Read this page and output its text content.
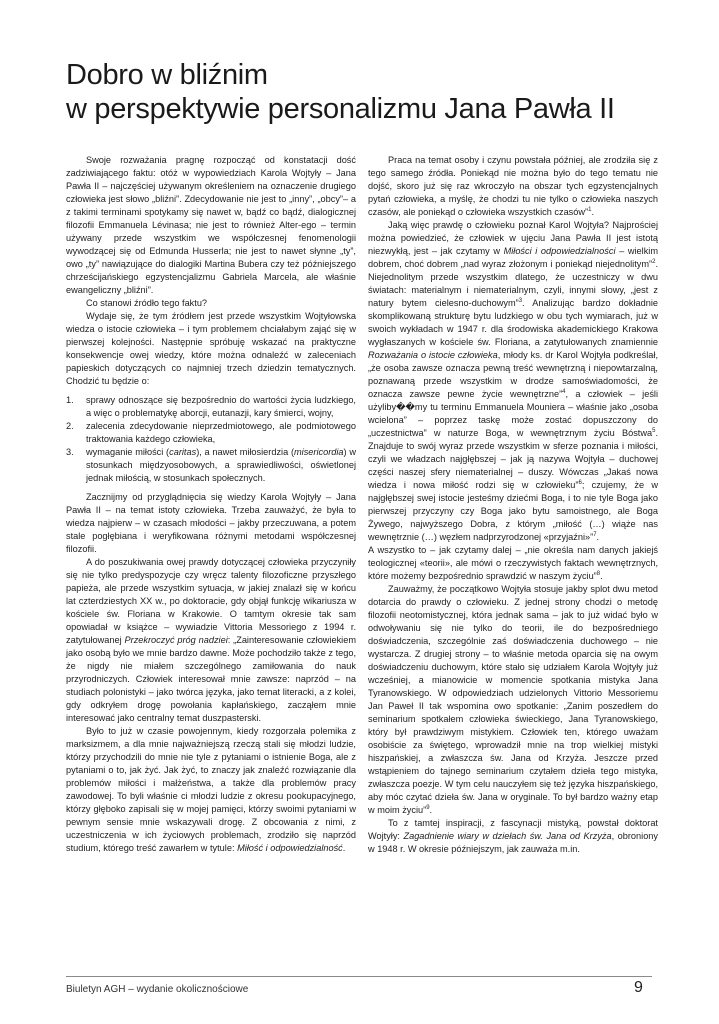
Dobro w bliźnim
w perspektywie personalizmu Jana Pawła II

Swoje rozważania pragnę rozpocząć od konstatacji dość zadziwiającego faktu: otóż w wypowiedziach Karola Wojtyły – Jana Pawła II – najczęściej używanym określeniem na oznaczenie drugiego człowieka jest słowo „bliźni”. Zdecydowanie nie jest to „inny”, „obcy”– a z takimi terminami spotykamy się nawet w, bądź co bądź, dialogicznej filozofii Emmanuela Lévinasa; nie jest to również Alter-ego – termin używany przede wszystkim we współczesnej fenomenologii wywodzącej się od Edmunda Husserla; nie jest to nawet słynne „ty”, owo „ty” nawiązujące do dialogiki Martina Bubera czy też późniejszego chrześcijańskiego egzystencjalizmu Gabriela Marcela, ale właśnie ewangeliczny „bliźni”.

Co stanowi źródło tego faktu?

Wydaje się, że tym źródłem jest przede wszystkim Wojtyłowska wiedza o istocie człowieka – i tym problemem chciałabym zająć się w pierwszej kolejności. Następnie spróbuję wskazać na praktyczne konsekwencje owej wiedzy, które można odnaleźć w zaleceniach papieskich dotyczących co najmniej trzech dziedzin tematycznych. Chodzić tu będzie o:

1. sprawy odnoszące się bezpośrednio do wartości życia ludzkiego, a więc o problematykę aborcji, eutanazji, kary śmierci, wojny,
2. zalecenia zdecydowanie nieprzedmiotowego, ale podmiotowego traktowania każdego człowieka,
3. wymaganie miłości (caritas), a nawet miłosierdzia (misericordia) w stosunkach międzyosobowych, a sprawiedliwości, oświetlonej jednak miłością, w stosunkach społecznych.

Zacznijmy od przyglądnięcia się wiedzy Karola Wojtyły – Jana Pawła II – na temat istoty człowieka. Trzeba zauważyć, że była to wiedza najpierw – w czasach młodości – jakby przeczuwana, a potem stale pogłębiana i weryfikowana różnymi metodami współczesnej filozofii.

A do poszukiwania owej prawdy dotyczącej człowieka przyczyniły się nie tylko predyspozycje czy wręcz talenty filozoficzne przyszłego papieża, ale przede wszystkim sytuacja, w jakiej znalazł się w końcu lat czterdziestych XX w., po doktoracie, gdy objął funkcję wikariusza w kościele św. Floriana w Krakowie. O tamtym okresie tak sam opowiadał w książce – wywiadzie Vittoria Messoriego z 1994 r. zatytułowanej Przekroczyć próg nadziei: „Zainteresowanie człowiekiem jako osobą było we mnie bardzo dawne. Może pochodziło także z tego, że nigdy nie miałem szczególnego zamiłowania do nauk przyrodniczych. Człowiek interesował mnie zawsze: naprzód – na studiach polonistyki – jako twórca języka, jako temat literacki, a z kolei, gdy odkryłem drogę powołania kapłańskiego, zacząłem mnie interesować jako centralny temat duszpasterski.

Było to już w czasie powojennym, kiedy rozgorzała polemika z marksizmem, a dla mnie najważniejszą rzeczą stali się młodzi ludzie, którzy przychodzili do mnie nie tyle z pytaniami o istnienie Boga, ale z pytaniami o to, jak żyć. Jak żyć, to znaczy jak znaleźć rozwiązanie dla problemów miłości i małżeństwa, a także dla problemów pracy zawodowej. To byli właśnie ci młodzi ludzie z okresu pookupacyjnego, którzy głęboko zapisali się w mojej pamięci, którzy swoimi pytaniami w pewnym sensie mnie wskazywali drogę. Z obcowania z nimi, z uczestniczenia w ich życiowych problemach, zrodziło się naprzód studium, którego treść zawarłem w tytule: Miłość i odpowiedzialność.

Praca na temat osoby i czynu powstała później, ale zrodziła się z tego samego źródła. Poniekąd nie można było do tego tematu nie dojść, skoro już się raz wkroczyło na obszar tych egzystencjalnych pytań człowieka, a myślę, że chodzi tu nie tylko o człowieka naszych czasów, ale poniekąd o człowieka wszystkich czasów”$^1$.

Jaką więc prawdę o człowieku poznał Karol Wojtyła? Najprościej można powiedzieć, że człowiek w ujęciu Jana Pawła II jest istotą niezwykłą, jest – jak czytamy w Miłości i odpowiedzialności – wielkim dobrem, choć dobrem „nad wyraz złożonym i poniekąd niejednolitym”$^2$. Niejednolitym przede wszystkim dlatego, że uczestniczy w dwu światach: materialnym i niematerialnym, czyli, innymi słowy, „jest z natury bytem cielesno-duchowym”$^3$. Analizując bardzo dokładnie skomplikowaną strukturę bytu ludzkiego w obu tych wymiarach, już w swoich wykładach w 1947 r. dla środowiska akademickiego Krakowa wygłaszanych w kościele św. Floriana, a zatytułowanych znamiennie Rozważania o istocie człowieka, młody ks. dr Karol Wojtyła podkreślał, „że osoba zawsze oznacza pewną treść wewnętrzną i niepowtarzalną, poznawaną przede wszystkim w drodze samoświadomości, że oznacza zawsze pewne życie wewnętrzne”$^4$, a człowiek – jeśli użyliby��my tu terminu Emmanuela Mouniera – właśnie jako „osoba wcielona” – poprzez taskę może zostać dopuszczony do „uczestnictwa” w naturze Boga, w wewnętrznym życiu Bóstwa$^5$. Znajduje to swój wyraz przede wszystkim w sferze poznania i miłości, czyli we władzach najgłębszej – jak ją nazywa Wojtyła – duchowej części naszej sfery niematerialnej – duszy. Wówczas „Jakaś nowa wiedza i nowa miłość rodzi się w człowieku”$^6$; czujemy, że w najgłębszej swej istocie jesteśmy dziećmi Boga, i to nie tyle Boga jako pierwszej przyczyny czy Boga jako bytu samoistnego, ale Boga Żywego, najwyższego Dobra, z którym „miłość (…) wiąże nas wewnętrznie (…) węzłem nadprzyrodzonej «przyjaźni»”$^7$.

A wszystko to – jak czytamy dalej – „nie określa nam danych jakiejś teologicznej «teorii», ale mówi o rzeczywistych faktach wewnętrznych, które możemy bezpośrednio sprawdzić w naszym życiu”$^8$.

Zauważmy, że początkowo Wojtyła stosuje jakby splot dwu metod dotarcia do prawdy o człowieku. Z jednej strony chodzi o metodę filozofii neotomistycznej, która jednak sama – jak to już widać było w odwoływaniu się nie tylko do teorii, ile do bezpośredniego doświadczenia, szczególnie zaś doświadczenia duchowego – nie wystarcza. Z drugiej strony – to właśnie metoda oparcia się na owym doświadczeniu duchowym, które stało się udziałem Karola Wojtyły już wcześniej, a mianowicie w momencie spotkania mistyka Jana Tyranowskiego. W odpowiedziach udzielonych Vittorio Messoriemu Jan Paweł II tak wspomina owo spotkanie: „Zanim poszedłem do seminarium spotkałem człowieka świeckiego, Jana Tyranowskiego, który był prawdziwym mistykiem. Człowiek ten, którego uważam osobiście za świętego, wprowadził mnie na trop wielkiej mistyki hiszpańskiej, a zwłaszcza św. Jana od Krzyża. Jeszcze przed wstąpieniem do tajnego seminarium czytałem dzieła tego mistyka, zwłaszcza poezje. W tym celu nauczyłem się też języka hiszpańskiego, aby móc czytać dzieła św. Jana w oryginale. To był bardzo ważny etap w moim życiu”$^9$.

To z tamtej inspiracji, z fascynacji mistyką, powstał doktorat Wojtyły: Zagadnienie wiary w dziełach św. Jana od Krzyża, obroniony w 1948 r. W okresie późniejszym, jak zauważa m.in.

Biuletyn AGH – wydanie okolicznościowe	9
